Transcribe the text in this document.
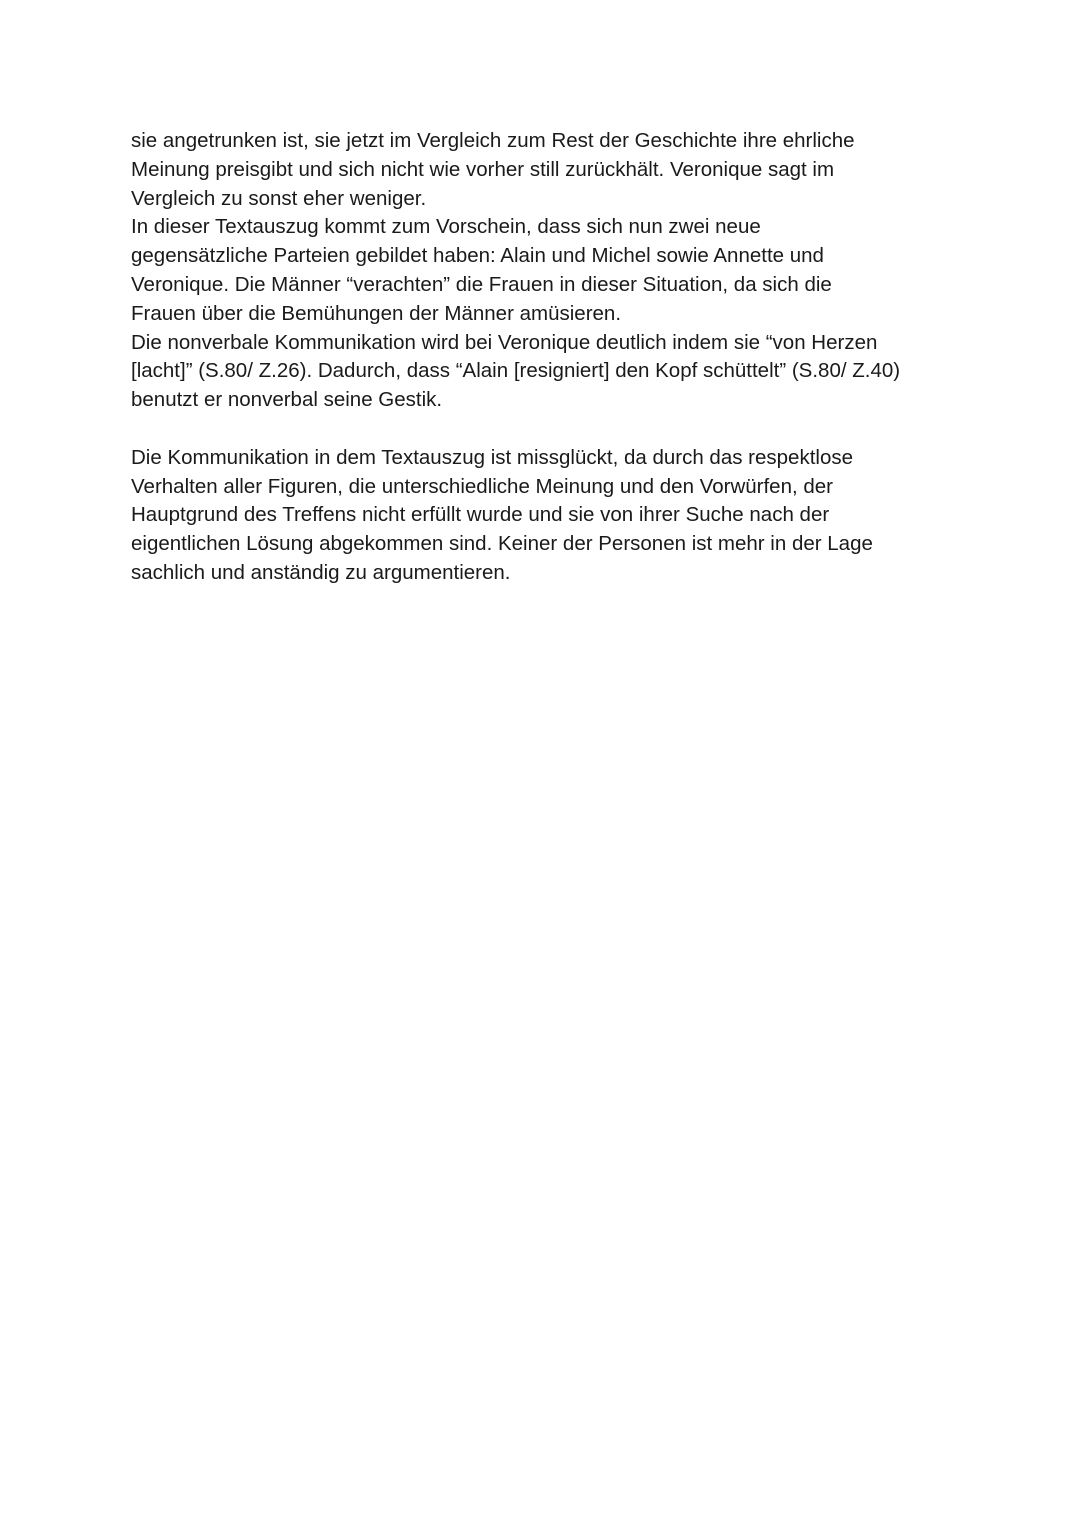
sie angetrunken ist, sie jetzt im Vergleich zum Rest der Geschichte ihre ehrliche
Meinung preisgibt und sich nicht wie vorher still zurückhält. Veronique sagt im
Vergleich zu sonst eher weniger.
In dieser Textauszug kommt zum Vorschein, dass sich nun zwei neue
gegensätzliche Parteien gebildet haben: Alain und Michel sowie Annette und
Veronique. Die Männer “verachten” die Frauen in dieser Situation, da sich die
Frauen über die Bemühungen der Männer amüsieren.
Die nonverbale Kommunikation wird bei Veronique deutlich indem sie “von Herzen
[lacht]” (S.80/ Z.26). Dadurch, dass “Alain [resigniert] den Kopf schüttelt” (S.80/ Z.40)
benutzt er nonverbal seine Gestik.
Die Kommunikation in dem Textauszug ist missglückt, da durch das respektlose
Verhalten aller Figuren, die unterschiedliche Meinung und den Vorwürfen, der
Hauptgrund des Treffens nicht erfüllt wurde und sie von ihrer Suche nach der
eigentlichen Lösung abgekommen sind. Keiner der Personen ist mehr in der Lage
sachlich und anständig zu argumentieren.
